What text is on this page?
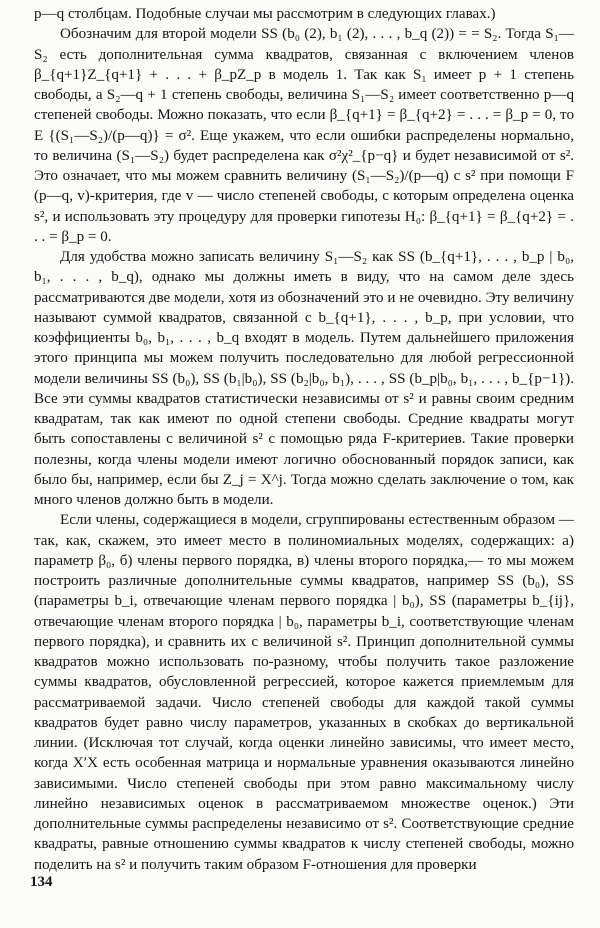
p—q столбцам. Подобные случаи мы рассмотрим в следующих главах.)

Обозначим для второй модели SS (b₀ (2), b₁ (2), . . . , b_q (2)) = = S₂. Тогда S₁—S₂ есть дополнительная сумма квадратов, связанная с включением членов β_{q+1}Z_{q+1} + . . . + β_pZ_p в модель 1. Так как S₁ имеет p + 1 степень свободы, а S₂—q + 1 степень свободы, величина S₁—S₂ имеет соответственно p—q степеней свободы. Можно показать, что если β_{q+1} = β_{q+2} = . . . = β_p = 0, то E {(S₁—S₂)/(p—q)} = σ². Еще укажем, что если ошибки распределены нормально, то величина (S₁—S₂) будет распределена как σ²χ²_{p−q} и будет независимой от s². Это означает, что мы можем сравнить величину (S₁—S₂)/(p—q) с s² при помощи F (p—q, v)-критерия, где v — число степеней свободы, с которым определена оценка s², и использовать эту процедуру для проверки гипотезы H₀: β_{q+1} = β_{q+2} = . . . = β_p = 0.

Для удобства можно записать величину S₁—S₂ как SS (b_{q+1}, . . . , b_p | b₀, b₁, . . . , b_q), однако мы должны иметь в виду, что на самом деле здесь рассматриваются две модели, хотя из обозначений это и не очевидно. Эту величину называют суммой квадратов, связанной с b_{q+1}, . . . , b_p, при условии, что коэффициенты b₀, b₁, . . . , b_q входят в модель. Путем дальнейшего приложения этого принципа мы можем получить последовательно для любой регрессионной модели величины SS (b₀), SS (b₁|b₀), SS (b₂|b₀, b₁), . . . , SS (b_p|b₀, b₁, . . . , b_{p−1}). Все эти суммы квадратов статистически независимы от s² и равны своим средним квадратам, так как имеют по одной степени свободы. Средние квадраты могут быть сопоставлены с величиной s² с помощью ряда F-критериев. Такие проверки полезны, когда члены модели имеют логично обоснованный порядок записи, как было бы, например, если бы Z_j = X^j. Тогда можно сделать заключение о том, как много членов должно быть в модели.

Если члены, содержащиеся в модели, сгруппированы естественным образом — так, как, скажем, это имеет место в полиномиальных моделях, содержащих: а) параметр β₀, б) члены первого порядка, в) члены второго порядка,— то мы можем построить различные дополнительные суммы квадратов, например SS (b₀), SS (параметры b_i, отвечающие членам первого порядка | b₀), SS (параметры b_{ij}, отвечающие членам второго порядка | b₀, параметры b_i, соответствующие членам первого порядка), и сравнить их с величиной s². Принцип дополнительной суммы квадратов можно использовать по-разному, чтобы получить такое разложение суммы квадратов, обусловленной регрессией, которое кажется приемлемым для рассматриваемой задачи. Число степеней свободы для каждой такой суммы квадратов будет равно числу параметров, указанных в скобках до вертикальной линии. (Исключая тот случай, когда оценки линейно зависимы, что имеет место, когда X′X есть особенная матрица и нормальные уравнения оказываются линейно зависимыми. Число степеней свободы при этом равно максимальному числу линейно независимых оценок в рассматриваемом множестве оценок.) Эти дополнительные суммы распределены независимо от s². Соответствующие средние квадраты, равные отношению суммы квадратов к числу степеней свободы, можно поделить на s² и получить таким образом F-отношения для проверки

134
